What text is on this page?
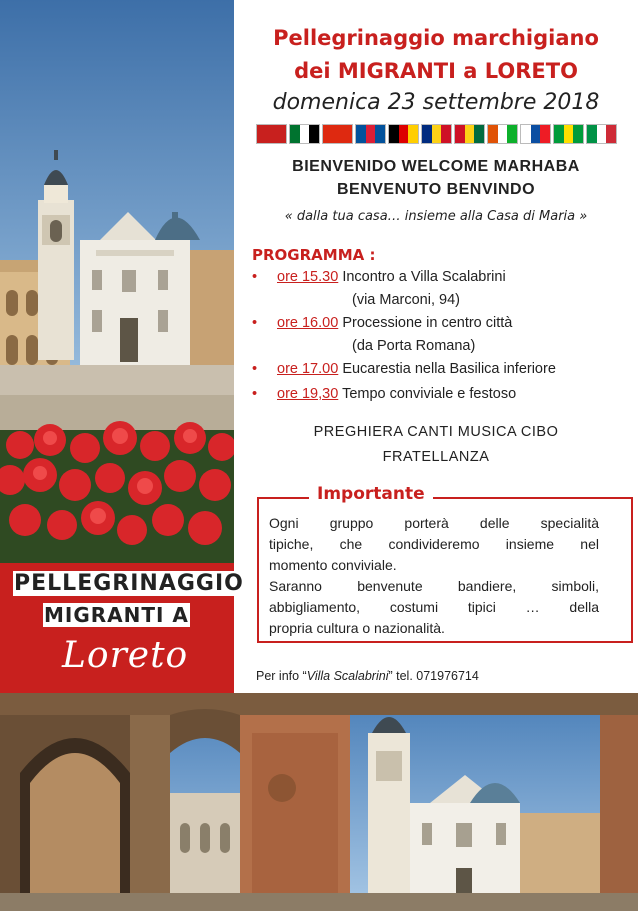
PELLEGRINAGGIO
MIGRANTI A
Loreto
Pellegrinaggio marchigiano
dei MIGRANTI a LORETO
domenica 23 settembre 2018
BIENVENIDO WELCOME MARHABA
BENVENUTO BENVINDO
« dalla tua casa… insieme alla Casa di Maria »
PROGRAMMA :
• ore 15.30 Incontro a Villa Scalabrini
(via Marconi, 94)
• ore 16.00 Processione in centro città
(da Porta Romana)
• ore 17.00 Eucarestia nella Basilica inferiore
• ore 19,30 Tempo conviviale e festoso
PREGHIERA CANTI MUSICA CIBO
FRATELLANZA
Importante
Ogni gruppo porterà delle specialità
tipiche, che condivideremo insieme nel
momento conviviale.
Saranno benvenute bandiere, simboli,
abbigliamento, costumi tipici … della
propria cultura o nazionalità.
Per info “Villa Scalabrini” tel. 071976714
